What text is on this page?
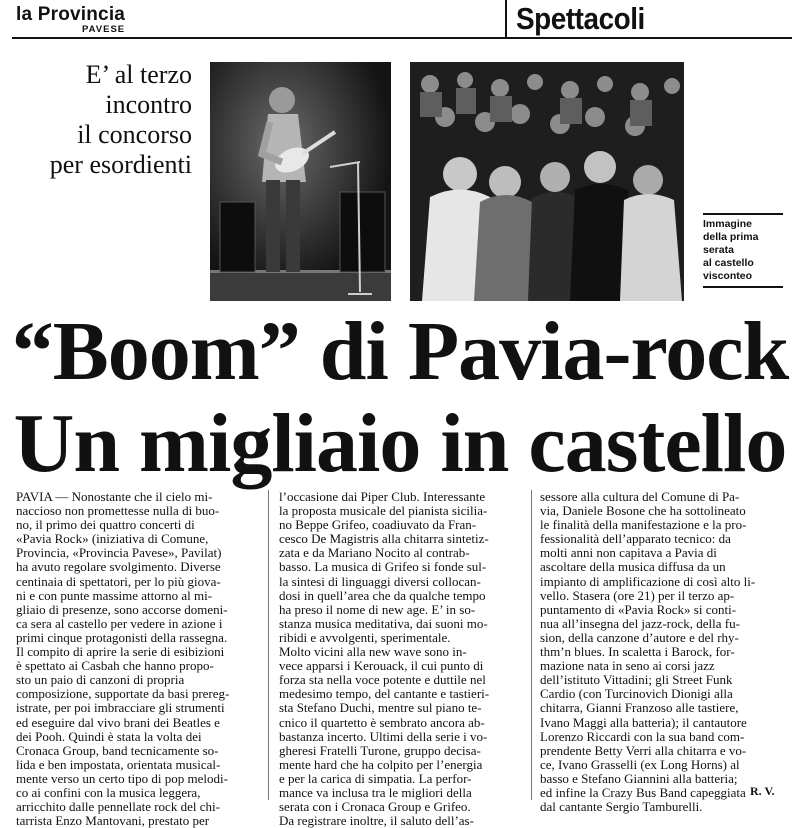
la Provincia
PAVESE	Spettacoli
E’ al terzo
incontro
il concorso
per esordienti
Immagine
della prima
serata
al castello
visconteo
“Boom” di Pavia-rock
Un migliaio in castello
PAVIA — Nonostante che il cielo mi-
naccioso non promettesse nulla di buo-
no, il primo dei quattro concerti di
«Pavia Rock» (iniziativa di Comune,
Provincia, «Provincia Pavese», Pavilat)
ha avuto regolare svolgimento. Diverse
centinaia di spettatori, per lo più giova-
ni e con punte massime attorno al mi-
gliaio di presenze, sono accorse domeni-
ca sera al castello per vedere in azione i
primi cinque protagonisti della rassegna.
Il compito di aprire la serie di esibizioni
è spettato ai Casbah che hanno propo-
sto un paio di canzoni di propria
composizione, supportate da basi prereg-
istrate, per poi imbracciare gli strumenti
ed eseguire dal vivo brani dei Beatles e
dei Pooh. Quindi è stata la volta dei
Cronaca Group, band tecnicamente so-
lida e ben impostata, orientata musical-
mente verso un certo tipo di pop melodi-
co ai confini con la musica leggera,
arricchito dalle pennellate rock del chi-
tarrista Enzo Mantovani, prestato per
l’occasione dai Piper Club. Interessante
la proposta musicale del pianista sicilia-
no Beppe Grifeo, coadiuvato da Fran-
cesco De Magistris alla chitarra sintetiz-
zata e da Mariano Nocito al contrab-
basso. La musica di Grifeo si fonde sul-
la sintesi di linguaggi diversi collocan-
dosi in quell’area che da qualche tempo
ha preso il nome di new age. E’ in so-
stanza musica meditativa, dai suoni mo-
ribidi e avvolgenti, sperimentale.
Molto vicini alla new wave sono in-
vece apparsi i Kerouack, il cui punto di
forza sta nella voce potente e duttile nel
medesimo tempo, del cantante e tastieri-
sta Stefano Duchi, mentre sul piano te-
cnico il quartetto è sembrato ancora ab-
bastanza incerto. Ultimi della serie i vo-
gheresi Fratelli Turone, gruppo decisa-
mente hard che ha colpito per l’energia
e per la carica di simpatia. La perfor-
mance va inclusa tra le migliori della
serata con i Cronaca Group e Grifeo.
Da registrare inoltre, il saluto dell’as-
sessore alla cultura del Comune di Pa-
via, Daniele Bosone che ha sottolineato
le finalità della manifestazione e la pro-
fessionalità dell’apparato tecnico: da
molti anni non capitava a Pavia di
ascoltare della musica diffusa da un
impianto di amplificazione di così alto li-
vello. Stasera (ore 21) per il terzo ap-
puntamento di «Pavia Rock» si conti-
nua all’insegna del jazz-rock, della fu-
sion, della canzone d’autore e del rhy-
thm’n blues. In scaletta i Barock, for-
mazione nata in seno ai corsi jazz
dell’istituto Vittadini; gli Street Funk
Cardio (con Turcinovich Dionigi alla
chitarra, Gianni Franzoso alle tastiere,
Ivano Maggi alla batteria); il cantautore
Lorenzo Riccardi con la sua band com-
prendente Betty Verri alla chitarra e vo-
ce, Ivano Grasselli (ex Long Horns) al
basso e Stefano Giannini alla batteria;
ed infine la Crazy Bus Band capeggiata
dal cantante Sergio Tamburelli.
R. V.
